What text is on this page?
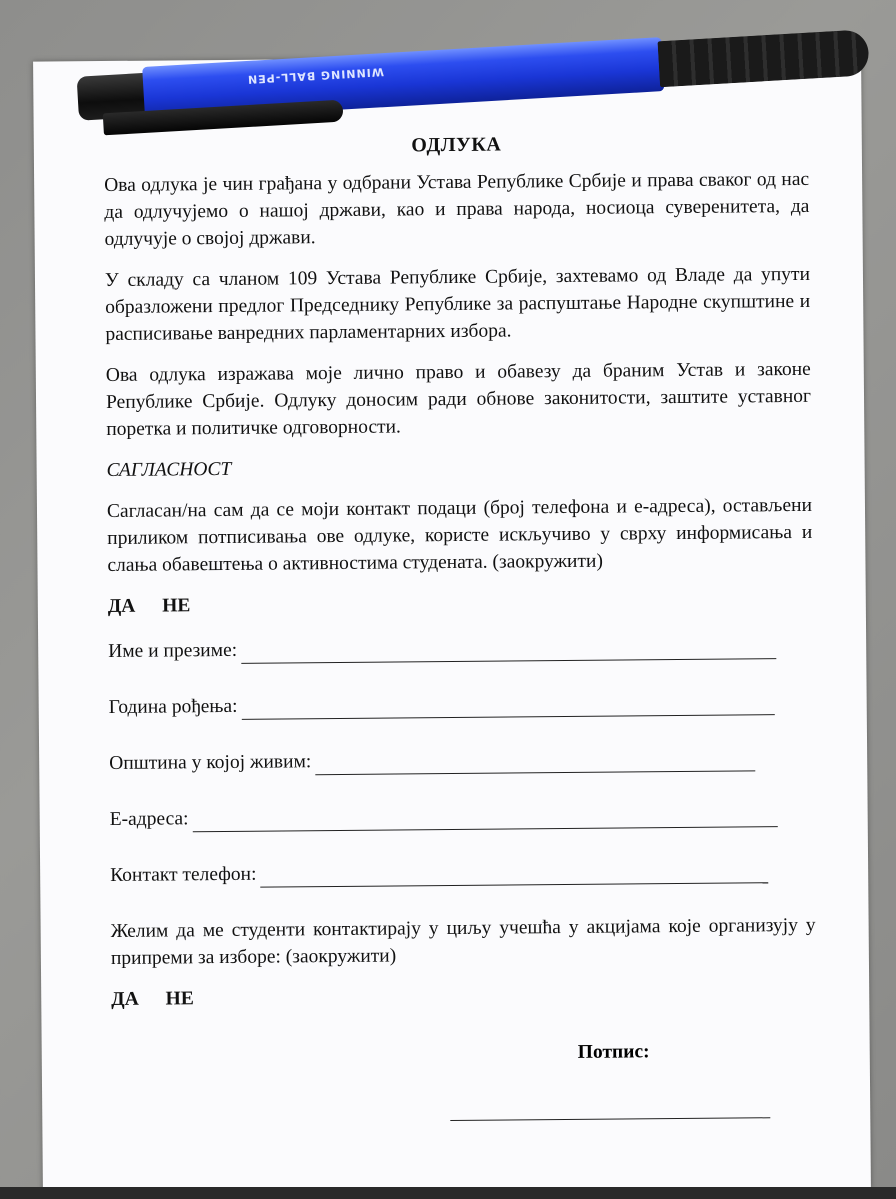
ОДЛУКА
Ова одлука је чин грађана у одбрани Устава Републике Србије и права сваког од нас да одлучујемо о нашој држави, као и права народа, носиоца суверенитета, да одлучује о својој држави.
У складу са чланом 109 Устава Републике Србије, захтевамо од Владе да упути образложени предлог Председнику Републике за распуштање Народне скупштине и расписивање ванредних парламентарних избора.
Ова одлука изражава моје лично право и обавезу да браним Устав и законе Републике Србије. Одлуку доносим ради обнове законитости, заштите уставног поретка и политичке одговорности.
САГЛАСНОСТ
Сагласан/на сам да се моји контакт подаци (број телефона и е-адреса), остављени приликом потписивања ове одлуке, користе искључиво у сврху информисања и слања обавештења о активностима студената. (заокружити)
ДА НЕ
Име и презиме:
Година рођења:
Општина у којој живим:
Е-адреса:
Контакт телефон:
Желим да ме студенти контактирају у циљу учешћа у акцијама које организују у припреми за изборе: (заокружити)
ДА НЕ
Потпис:
WINNING BALL-PEN
